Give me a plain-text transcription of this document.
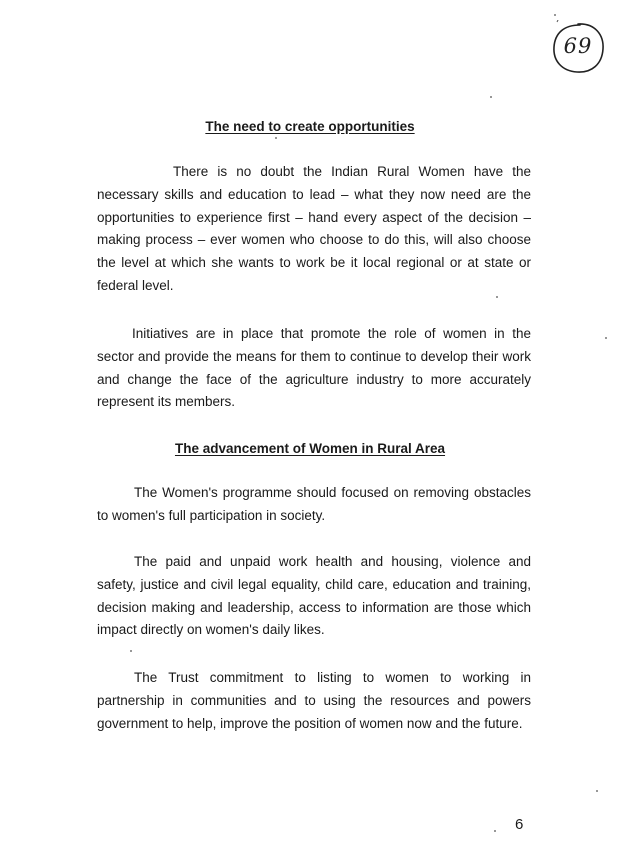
69
The need to create opportunities

There is no doubt the Indian Rural Women have the
necessary skills and education to lead – what they now need are the
opportunities to experience first – hand every aspect of the decision –
making process – ever women who choose to do this, will also choose
the level at which she wants to work be it local regional or at state or
federal level.

Initiatives are in place that promote the role of women in the
sector and provide the means for them to continue to develop their work
and change the face of the agriculture industry to more accurately
represent its members.

The advancement of Women in Rural Area

The Women's programme should focused on removing obstacles
to women's full participation in society.

The paid and unpaid work health and housing, violence and
safety, justice and civil legal equality, child care, education and training,
decision making and leadership, access to information are those which
impact directly on women's daily likes.

The Trust commitment to listing to women to working in
partnership in communities and to using the resources and powers
government to help, improve the position of women now and the future.

6
